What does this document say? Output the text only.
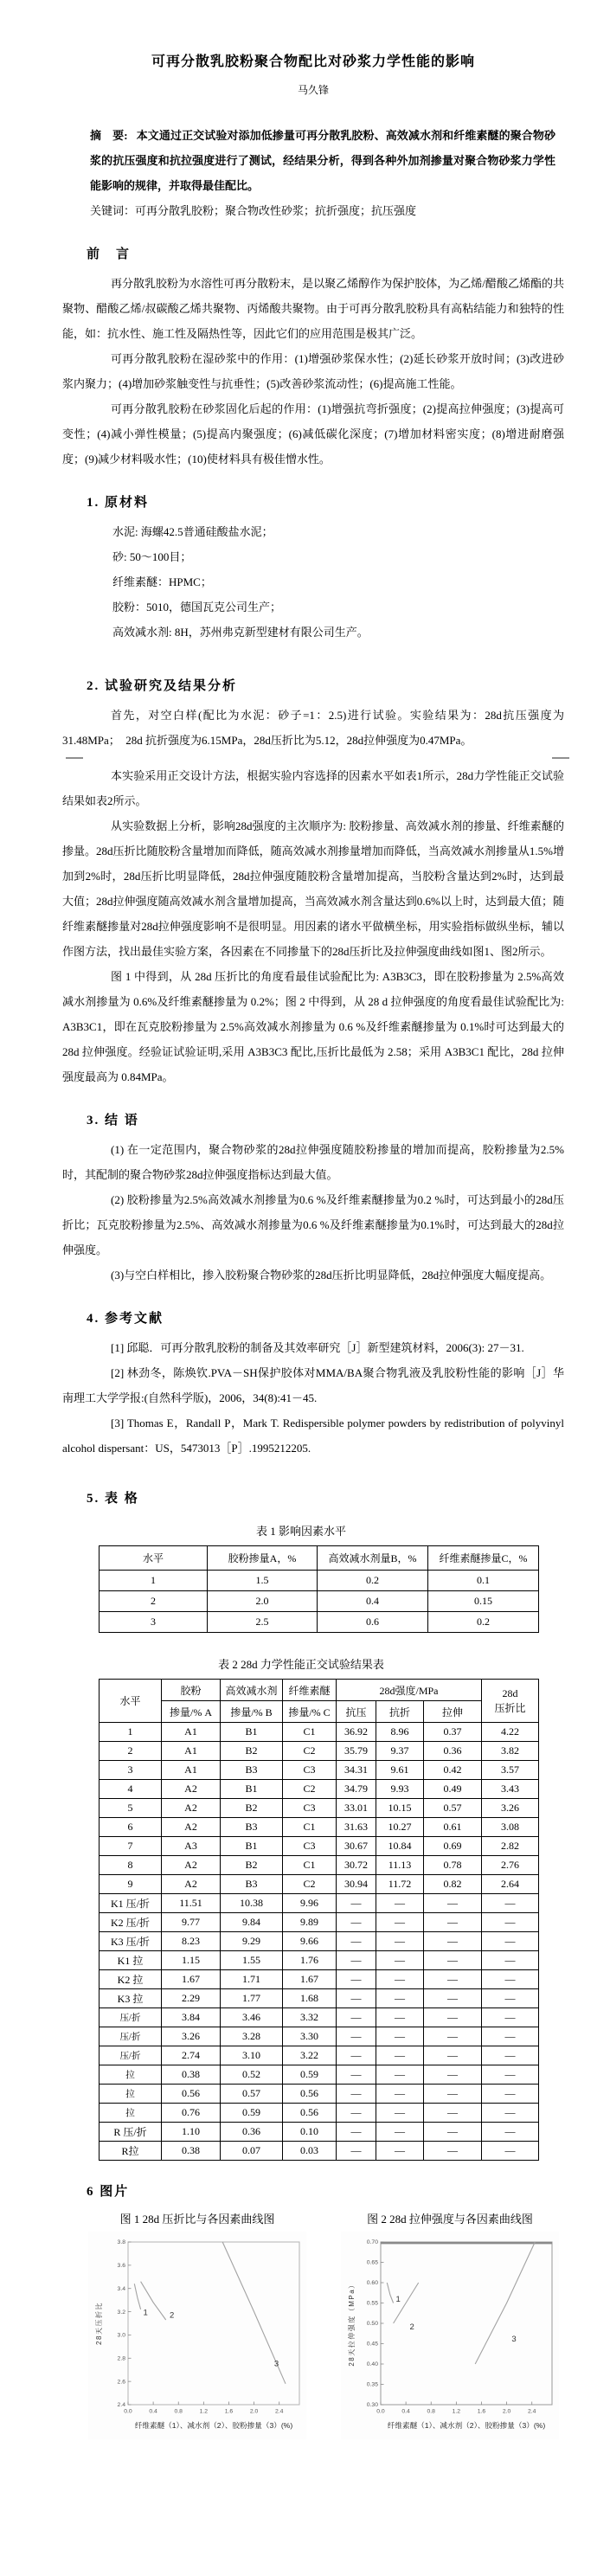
可再分散乳胶粉聚合物配比对砂浆力学性能的影响
马久锋

摘　要: 本文通过正交试验对添加低掺量可再分散乳胶粉、高效减水剂和纤维素醚的聚合物砂浆的抗压强度和抗拉强度进行了测试，经结果分析，得到各种外加剂掺量对聚合物砂浆力学性能影响的规律，并取得最佳配比。

关键词：可再分散乳胶粉；聚合物改性砂浆；抗折强度；抗压强度

前　言

再分散乳胶粉为水溶性可再分散粉末，是以聚乙烯醇作为保护胶体，为乙烯/醋酸乙烯酯的共聚物、醋酸乙烯/叔碳酸乙烯共聚物、丙烯酸共聚物。由于可再分散乳胶粉具有高粘结能力和独特的性能，如：抗水性、施工性及隔热性等，因此它们的应用范围是极其广泛。

可再分散乳胶粉在湿砂浆中的作用：(1)增强砂浆保水性；(2)延长砂浆开放时间；(3)改进砂浆内聚力；(4)增加砂浆触变性与抗垂性；(5)改善砂浆流动性；(6)提高施工性能。

可再分散乳胶粉在砂浆固化后起的作用：(1)增强抗弯折强度；(2)提高拉伸强度；(3)提高可变性；(4)减小弹性模量；(5)提高内聚强度；(6)减低碳化深度；(7)增加材料密实度；(8)增进耐磨强度；(9)减少材料吸水性；(10)使材料具有极佳憎水性。

1. 原材料

水泥: 海螺42.5普通硅酸盐水泥；

砂: 50～100目；

纤维素醚：HPMC；

胶粉：5010，德国瓦克公司生产；

高效减水剂: 8H，苏州弗克新型建材有限公司生产。

2. 试验研究及结果分析

首先，对空白样(配比为水泥：砂子=1：2.5)进行试验。实验结果为：28d抗压强度为31.48MPa；　28d 抗折强度为6.15MPa，28d压折比为5.12，28d拉伸强度为0.47MPa。

本实验采用正交设计方法，根据实验内容选择的因素水平如表1所示，28d力学性能正交试验结果如表2所示。

从实验数据上分析，影响28d强度的主次顺序为: 胶粉掺量、高效减水剂的掺量、纤维素醚的掺量。28d压折比随胶粉含量增加而降低，随高效减水剂掺量增加而降低，当高效减水剂掺量从1.5%增加到2%时，28d压折比明显降低，28d拉伸强度随胶粉含量增加提高，当胶粉含量达到2%时，达到最大值；28d拉伸强度随高效减水剂含量增加提高，当高效减水剂含量达到0.6%以上时，达到最大值；随纤维素醚掺量对28d拉伸强度影响不是很明显。用因素的诸水平做横坐标，用实验指标做纵坐标，辅以作图方法，找出最佳实验方案，各因素在不同掺量下的28d压折比及拉伸强度曲线如图1、图2所示。

图 1 中得到，从 28d 压折比的角度看最佳试验配比为: A3B3C3，即在胶粉掺量为 2.5%高效减水剂掺量为 0.6%及纤维素醚掺量为 0.2%；图 2 中得到，从 28 d 拉伸强度的角度看最佳试验配比为: A3B3C1，即在瓦克胶粉掺量为 2.5%高效减水剂掺量为 0.6 %及纤维素醚掺量为 0.1%时可达到最大的 28d 拉伸强度。经验证试验证明,采用 A3B3C3 配比,压折比最低为 2.58；采用 A3B3C1 配比，28d 拉伸强度最高为 0.84MPa。

3. 结 语

(1) 在一定范围内，聚合物砂浆的28d拉伸强度随胶粉掺量的增加而提高，胶粉掺量为2.5%时，其配制的聚合物砂浆28d拉伸强度指标达到最大值。

(2) 胶粉掺量为2.5%高效减水剂掺量为0.6 %及纤维素醚掺量为0.2 %时，可达到最小的28d压折比；瓦克胶粉掺量为2.5%、高效减水剂掺量为0.6 %及纤维素醚掺量为0.1%时，可达到最大的28d拉伸强度。

(3)与空白样相比，掺入胶粉聚合物砂浆的28d压折比明显降低，28d拉伸强度大幅度提高。

4. 参考文献

[1] 邱聪．可再分散乳胶粉的制备及其效率研究［J］新型建筑材料，2006(3): 27－31.

[2] 林劲冬，陈焕钦.PVA－SH保护胶体对MMA/BA聚合物乳液及乳胶粉性能的影响［J］华南理工大学学报:(自然科学版)，2006，34(8):41－45.

[3] Thomas E，Randall P，Mark T. Redispersible polymer powders by redistribution of polyvinyl alcohol dispersant：US，5473013［P］.1995212205.

5. 表 格
表 1 影响因素水平
水平	胶粉掺量A，%	高效减水剂量B，%	纤维素醚掺量C，%
1	1.5	0.2	0.1
2	2.0	0.4	0.15
3	2.5	0.6	0.2
表 2 28d 力学性能正交试验结果表
水平	胶粉	高效减水剂	纤维素醚	28d强度/MPa			28d
压折比
	掺量/% A	掺量/% B	掺量/% C	抗压	抗折	拉伸	
1	A1	B1	C1	36.92	8.96	0.37	4.22
2	A1	B2	C2	35.79	9.37	0.36	3.82
3	A1	B3	C3	34.31	9.61	0.42	3.57
4	A2	B1	C2	34.79	9.93	0.49	3.43
5	A2	B2	C3	33.01	10.15	0.57	3.26
6	A2	B3	C1	31.63	10.27	0.61	3.08
7	A3	B1	C3	30.67	10.84	0.69	2.82
8	A2	B2	C1	30.72	11.13	0.78	2.76
9	A2	B3	C2	30.94	11.72	0.82	2.64
K1 压/折	11.51	10.38	9.96	—	—	—	—
K2 压/折	9.77	9.84	9.89	—	—	—	—
K3 压/折	8.23	9.29	9.66	—	—	—	—
K1 拉	1.15	1.55	1.76	—	—	—	—
K2 拉	1.67	1.71	1.67	—	—	—	—
K3 拉	2.29	1.77	1.68	—	—	—	—
压/折	3.84	3.46	3.32	—	—	—	—
压/折	3.26	3.28	3.30	—	—	—	—
压/折	2.74	3.10	3.22	—	—	—	—
拉	0.38	0.52	0.59	—	—	—	—
拉	0.56	0.57	0.56	—	—	—	—
拉	0.76	0.59	0.56	—	—	—	—
R 压/折	1.10	0.36	0.10	—	—	—	—
R拉	0.38	0.07	0.03	—	—	—	—
6 图片
图 1 28d 压折比与各因素曲线图
2.4
2.6
2.8
3.0
3.2
3.4
3.6
3.8
0.0	0.4	0.8	1.2	1.6	2.0	2.4
1	2
3
28天压折比
纤维素醚（1）、减水剂（2）、胶粉掺量（3）(%)
图 2 28d 拉伸强度与各因素曲线图
0.30
0.35
0.40
0.45
0.50
0.55
0.60
0.65
0.70
0.0	0.4	0.8	1.2	1.6	2.0	2.4
1
2
3
28天拉伸强度（MPa）
纤维素醚（1）、减水剂（2）、胶粉掺量（3）(%)
